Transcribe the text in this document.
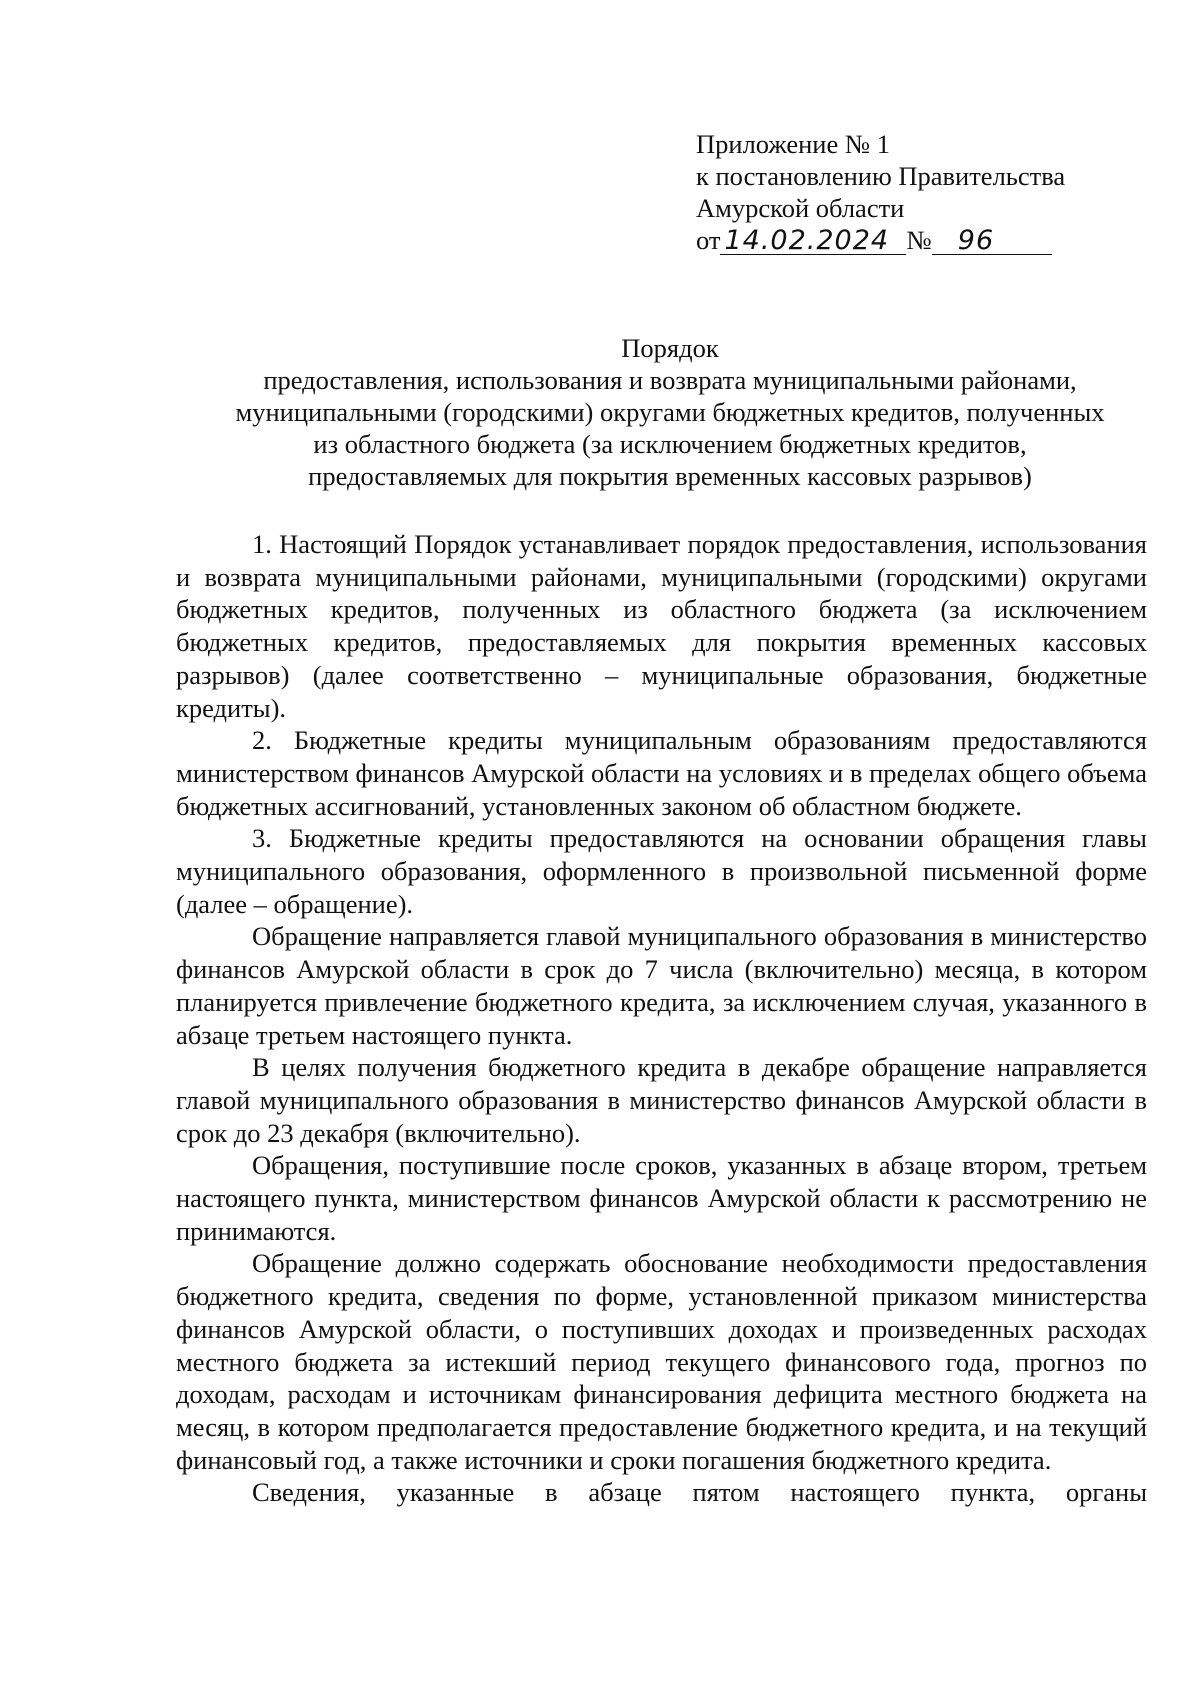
Приложение № 1
к постановлению Правительства
Амурской области
от 14.02.2024 № 96
Порядок
предоставления, использования и возврата муниципальными районами,
муниципальными (городскими) округами бюджетных кредитов, полученных
из областного бюджета (за исключением бюджетных кредитов,
предоставляемых для покрытия временных кассовых разрывов)

1. Настоящий Порядок устанавливает порядок предоставления, использования и возврата муниципальными районами, муниципальными (городскими) округами бюджетных кредитов, полученных из областного бюджета (за исключением бюджетных кредитов, предоставляемых для покрытия временных кассовых разрывов) (далее соответственно – муниципальные образования, бюджетные кредиты).

2. Бюджетные кредиты муниципальным образованиям предоставляются министерством финансов Амурской области на условиях и в пределах общего объема бюджетных ассигнований, установленных законом об областном бюджете.

3. Бюджетные кредиты предоставляются на основании обращения главы муниципального образования, оформленного в произвольной письменной форме (далее – обращение).

Обращение направляется главой муниципального образования в министерство финансов Амурской области в срок до 7 числа (включительно) месяца, в котором планируется привлечение бюджетного кредита, за исключением случая, указанного в абзаце третьем настоящего пункта.

В целях получения бюджетного кредита в декабре обращение направляется главой муниципального образования в министерство финансов Амурской области в срок до 23 декабря (включительно).

Обращения, поступившие после сроков, указанных в абзаце втором, третьем настоящего пункта, министерством финансов Амурской области к рассмотрению не принимаются.

Обращение должно содержать обоснование необходимости предоставления бюджетного кредита, сведения по форме, установленной приказом министерства финансов Амурской области, о поступивших доходах и произведенных расходах местного бюджета за истекший период текущего финансового года, прогноз по доходам, расходам и источникам финансирования дефицита местного бюджета на месяц, в котором предполагается предоставление бюджетного кредита, и на текущий финансовый год, а также источники и сроки погашения бюджетного кредита.

Сведения, указанные в абзаце пятом настоящего пункта, органы
